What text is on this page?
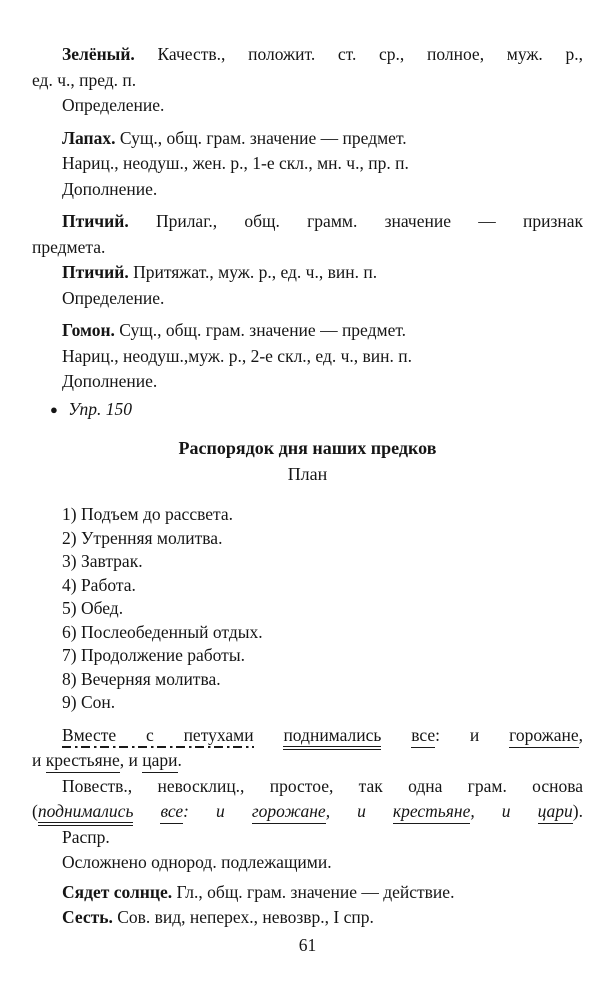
Зелёный. Качеств., положит. ст. ср., полное, муж. р.,
ед. ч., пред. п.
Определение.
Лапах. Сущ., общ. грам. значение — предмет.
Нариц., неодуш., жен. р., 1-е скл., мн. ч., пр. п.
Дополнение.
Птичий. Прилаг., общ. грамм. значение — признак
предмета.
Птичий. Притяжат., муж. р., ед. ч., вин. п.
Определение.
Гомон. Сущ., общ. грам. значение — предмет.
Нариц., неодуш.,муж. р., 2-е скл., ед. ч., вин. п.
Дополнение.
● Упр. 150
Распорядок дня наших предков
План
1) Подъем до рассвета.
2) Утренняя молитва.
3) Завтрак.
4) Работа.
5) Обед.
6) Послеобеденный отдых.
7) Продолжение работы.
8) Вечерняя молитва.
9) Сон.
Вместе с петухами поднимались все: и горожане,
и крестьяне, и цари.
Повеств., невосклиц., простое, так одна грам. основа
(поднимались все: и горожане, и крестьяне, и цари).
Распр.
Осложнено однород. подлежащими.
Сядет солнце. Гл., общ. грам. значение — действие.
Сесть. Сов. вид, неперех., невозвр., I спр.
61
